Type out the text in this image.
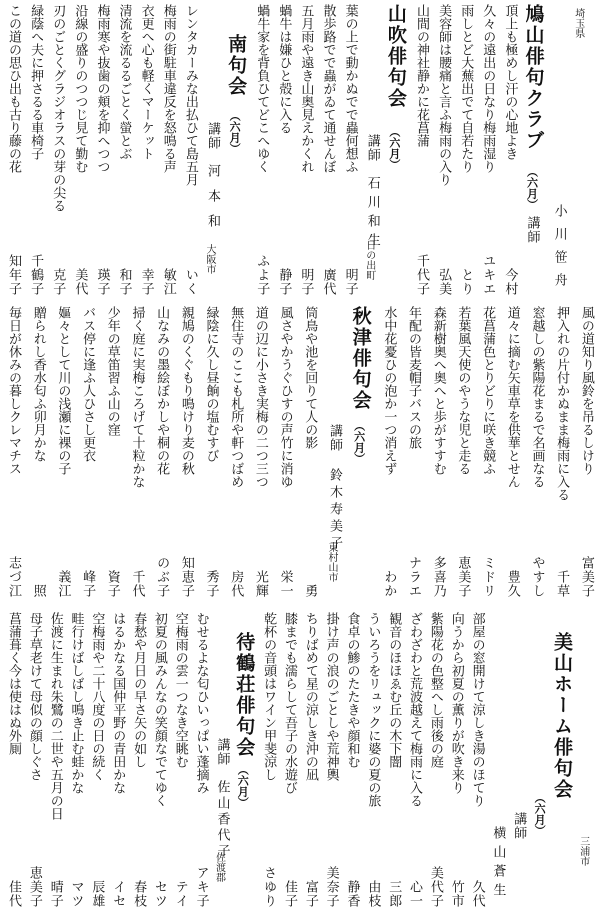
埼玉県
小川笹舟
鳩山俳句クラブ
（六月）
講師
頂上も極めし汗の心地よき
今村
久々の遠出の日なり梅雨湿り
ユキエ
雨しとど大蕪出でて自若たり
とり
美容師は腰痛と言ふ梅雨の入り
弘美
山間の神社静かに花菖蒲
千代子
山吹俳句会
（六月）
講師
石川和生
日の出町
葉の上で動かぬでで蟲何想ふ
明子
散歩路でで蟲がゐて通せんぼ
廣代
五月雨や遠き山奥見えかくれ
明子
蝸牛は嫌ひと殻に入る
静子
蝸牛家を背負ひてどこへゆく
ふよ子
南句会
（六月）
講師
河本和
大阪市
レンタカーみな出払ひて島五月
いく
梅雨の街駐車違反を怒鳴る声
敏江
衣更へ心も軽くマーケット
幸子
清流を流るるごとく螢とぶ
和子
梅雨寒や抜歯の頬を抑へつつ
瑛子
沿線の盛りのつつじ見て勤む
美代
刃のごとくグラジオラスの芽の尖る
克子
緑蔭へ夫に押さるる車椅子
千鶴子
この道の思ひ出も古り藤の花
知年子
風の道知り風鈴を吊るしけり
富美子
押入れの片付かぬまま梅雨に入る
千草
窓越しの紫陽花まるで名画なる
やすし
道々に摘む矢車草を供華とせん
豊久
花菖蒲色とりどりに咲き競ふ
ミドリ
若葉風天使のやうな児と走る
恵美子
森新樹奥へ奥へと歩がすすむ
多喜乃
年配の皆麦帽子バスの旅
ナラエ
水中花憂ひの泡か一つ消えず
わか
秋津俳句会
（六月）
講師
鈴木寿美子
東村山市
筒鳥や池を回りて人の影
勇
風さやかうぐひすの声竹に消ゆ
栄一
道の辺に小さき実梅の二つ三つ
光輝
無住寺のここも札所や軒つばめ
房代
緑陰に久し昼餉の塩むすび
秀子
親鳩のくぐもり鳴けり麦の秋
知恵子
山なみの墨絵ぼかしや桐の花
のぶ子
掃く庭に実梅ころげて十粒かな
千代
少年の草笛習ふ山の窪
資子
バス停に逢ふ人ひさし更衣
峰子
嫗々として川の浅瀬に裸の子
義江
贈られし香水匂ふ卯月かな
照
毎日が休みの暮しクレマチス
志づ江
三浦市
美山ホーム俳句会
（六月）
講師
横山蒼生
部屋の窓開けて涼しき湯のほてり
久代
向うから初夏の薫りが吹き来り
竹市
紫陽花の色整へし雨後の庭
美代子
ざわざわと荒波越えて梅雨に入る
心一
観音のほほゑむ丘の木下闇
三郎
ういろうをリュックに婆の夏の旅
由枝
食卓の鯵のたたきや顔和む
静香
掛け声の浪のごとしや荒神輿
美奈子
ちりばめて星の涼しき沖の凪
富子
膝までも濡らして吾子の水遊び
佳子
乾杯の音頭はワイン甲斐涼し
さゆり
待鶴荘俳句会
（六月）
講師
佐山香代子
佐渡郡
むせるよな匂ひいっぱい蓬摘み
アキ子
空梅雨の雲一つなき空眺む
テイ
初夏の風みんなの笑顔なでてゆく
セツ
春愁や月日の早さ矢の如し
春枝
はるかなる国仲平野の青田かな
イセ
空梅雨や二十八度の日の続く
辰雄
畦行けばしばし鳴き止む蛙かな
マツ
佐渡に生まれ朱鷺の二世や五月の日
晴子
母子草老けて母似の顔しぐさ
恵美子
菖蒲葺く今は使はぬ外厠
佳代
